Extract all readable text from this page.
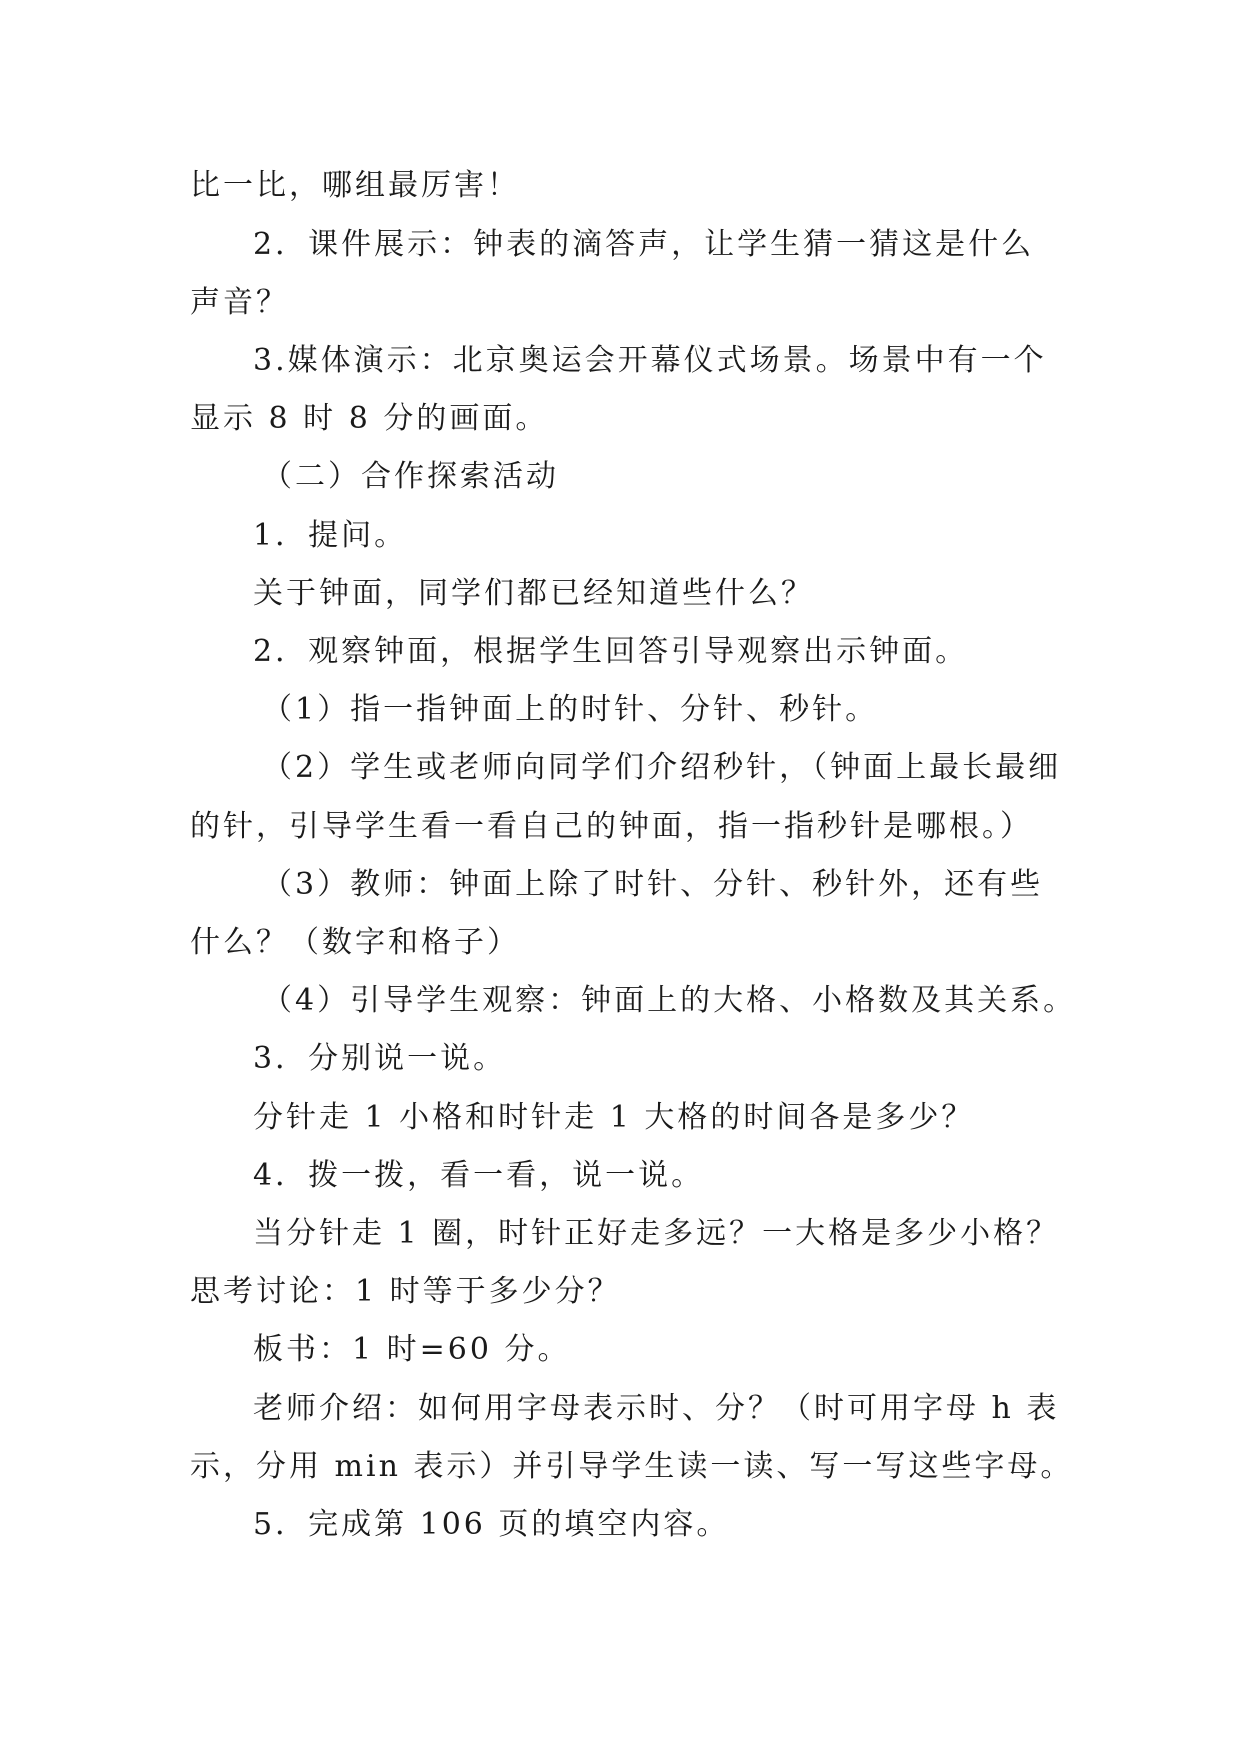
比一比，哪组最厉害！
2．课件展示：钟表的滴答声，让学生猜一猜这是什么
声音？
3.媒体演示：北京奥运会开幕仪式场景。场景中有一个
显示 8 时 8 分的画面。
（二）合作探索活动
1．提问。
关于钟面，同学们都已经知道些什么？
2．观察钟面，根据学生回答引导观察出示钟面。
（1）指一指钟面上的时针、分针、秒针。
（2）学生或老师向同学们介绍秒针，（钟面上最长最细
的针，引导学生看一看自己的钟面，指一指秒针是哪根。）
（3）教师：钟面上除了时针、分针、秒针外，还有些
什么？（数字和格子）
（4）引导学生观察：钟面上的大格、小格数及其关系。
3．分别说一说。
分针走 1 小格和时针走 1 大格的时间各是多少？
4．拨一拨，看一看，说一说。
当分针走 1 圈，时针正好走多远？一大格是多少小格？
思考讨论：1 时等于多少分？
板书：1 时=60 分。
老师介绍：如何用字母表示时、分？（时可用字母 h 表
示，分用 min 表示）并引导学生读一读、写一写这些字母。
5．完成第 106 页的填空内容。
